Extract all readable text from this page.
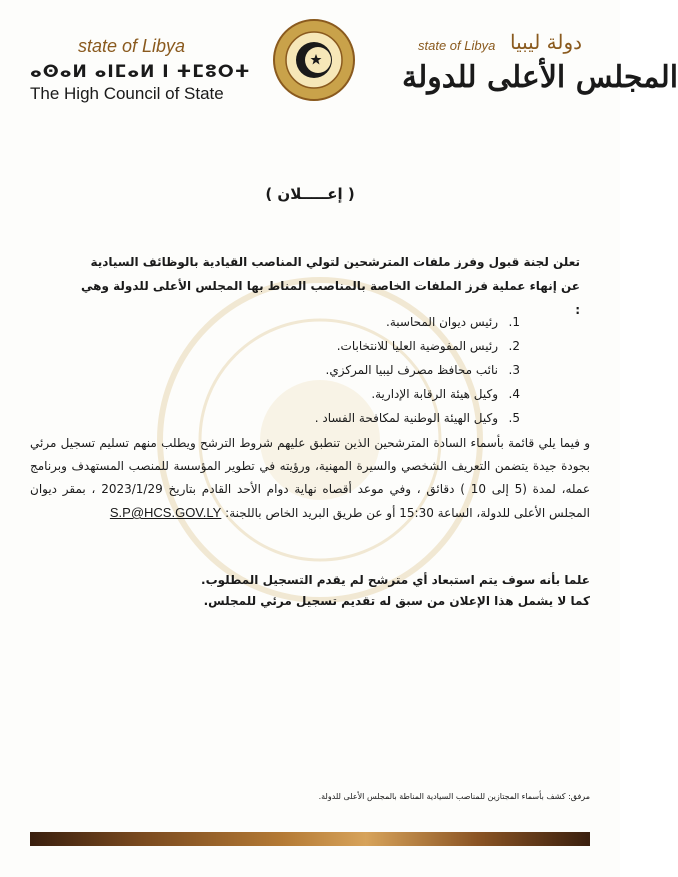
state of Libya
ⴰⵙⴰⵍ ⴰⵏⵎⴰⵍ ⵏ ⵜⵎⵓⵔⵜ
The High Council of State
state of Libya دولة ليبيا
المجلس الأعلى للدولة
( إعـــــلان )
تعلن لجنة قبول وفرز ملفات المترشحين لتولي المناصب القيادية بالوظائف السيادية عن إنهاء عملية فرز الملفات الخاصة بالمناصب المناط بها المجلس الأعلى للدولة وهي :
1.
رئيس ديوان المحاسبة.
2.
رئيس المفوضية العليا للانتخابات.
3.
نائب محافظ مصرف ليبيا المركزي.
4.
وكيل هيئة الرقابة الإدارية.
5.
وكيل الهيئة الوطنية لمكافحة الفساد .
و فيما يلي قائمة بأسماء السادة المترشحين الذين تنطبق عليهم شروط الترشح ويطلب منهم تسليم تسجيل مرئي بجودة جيدة يتضمن التعريف الشخصي والسيرة المهنية، ورؤيته في تطوير المؤسسة للمنصب المستهدف وبرنامج عمله، لمدة (5 إلى 10 ) دقائق ، وفي موعد أقصاه نهاية دوام الأحد القادم بتاريخ 2023/1/29 ، بمقر ديوان المجلس الأعلى للدولة، الساعة 15:30 أو عن طريق البريد الخاص باللجنة: S.P@HCS.GOV.LY
علما بأنه سوف يتم استبعاد أي مترشح لم يقدم التسجيل المطلوب.
كما لا يشمل هذا الإعلان من سبق له تقديم تسجيل مرئي للمجلس.
مرفق: كشف بأسماء المجتازين للمناصب السيادية المناطة بالمجلس الأعلى للدولة.
